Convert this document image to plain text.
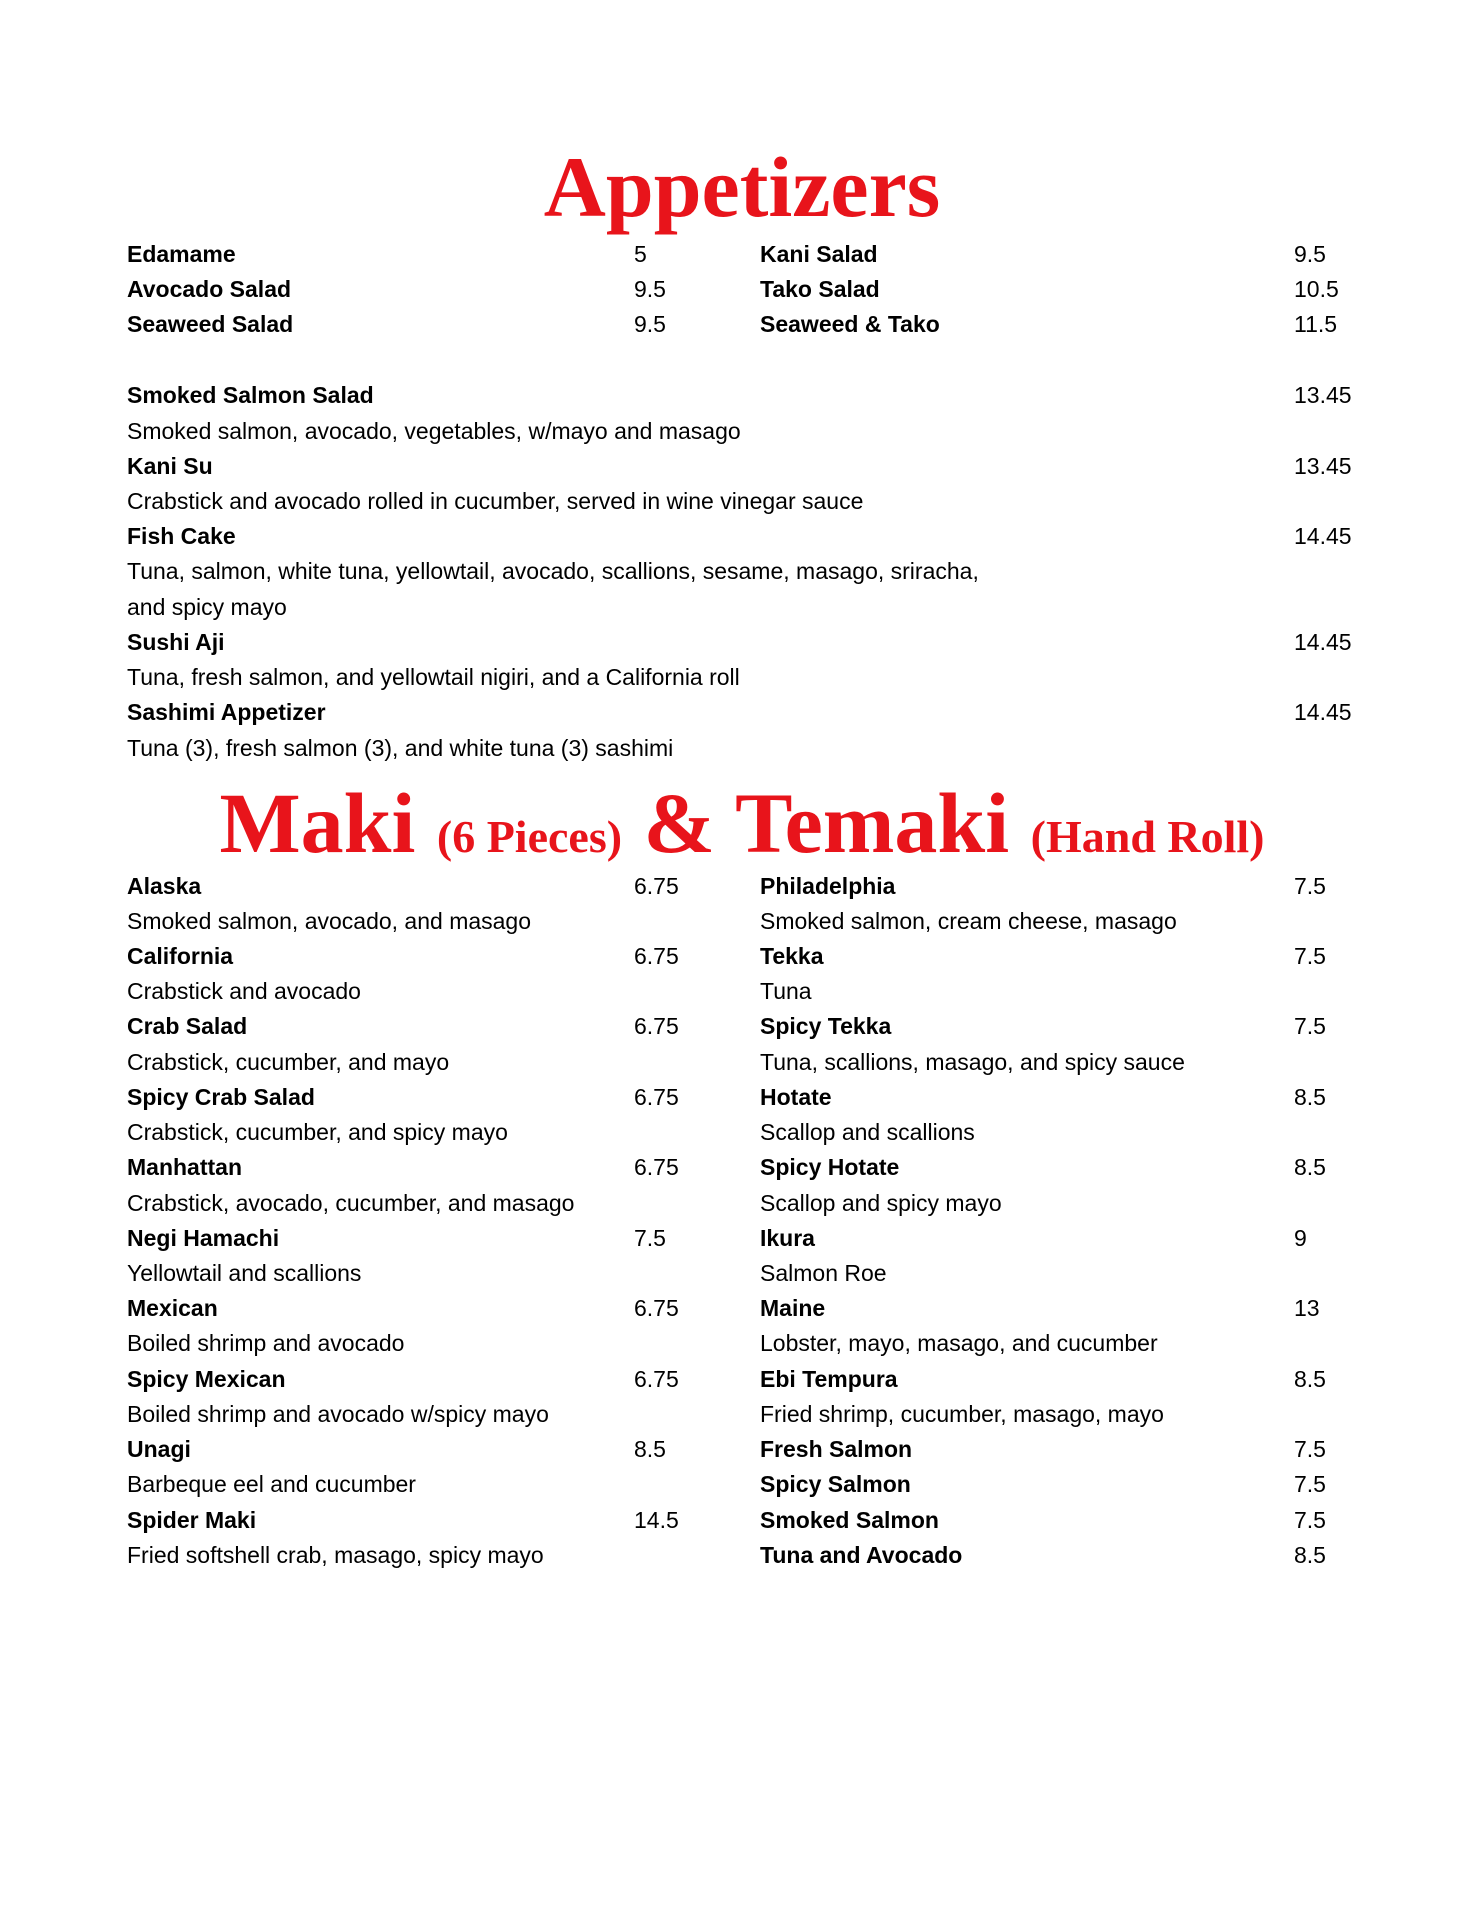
Appetizers
Edamame	5	Kani Salad	9.5
Avocado Salad	9.5	Tako Salad	10.5
Seaweed Salad	9.5	Seaweed & Tako	11.5
Smoked Salmon Salad	13.45
Smoked salmon, avocado, vegetables, w/mayo and masago
Kani Su	13.45
Crabstick and avocado rolled in cucumber, served in wine vinegar sauce
Fish Cake	14.45
Tuna, salmon, white tuna, yellowtail, avocado, scallions, sesame, masago, sriracha,
and spicy mayo
Sushi Aji	14.45
Tuna, fresh salmon, and yellowtail nigiri, and a California roll
Sashimi Appetizer	14.45
Tuna (3), fresh salmon (3), and white tuna (3) sashimi
Maki (6 Pieces) & Temaki (Hand Roll)
Alaska	6.75
Smoked salmon, avocado, and masago
California	6.75
Crabstick and avocado
Crab Salad	6.75
Crabstick, cucumber, and mayo
Spicy Crab Salad	6.75
Crabstick, cucumber, and spicy mayo
Manhattan	6.75
Crabstick, avocado, cucumber, and masago
Negi Hamachi	7.5
Yellowtail and scallions
Mexican	6.75
Boiled shrimp and avocado
Spicy Mexican	6.75
Boiled shrimp and avocado w/spicy mayo
Unagi	8.5
Barbeque eel and cucumber
Spider Maki	14.5
Fried softshell crab, masago, spicy mayo
Philadelphia	7.5
Smoked salmon, cream cheese, masago
Tekka	7.5
Tuna
Spicy Tekka	7.5
Tuna, scallions, masago, and spicy sauce
Hotate	8.5
Scallop and scallions
Spicy Hotate	8.5
Scallop and spicy mayo
Ikura	9
Salmon Roe
Maine	13
Lobster, mayo, masago, and cucumber
Ebi Tempura	8.5
Fried shrimp, cucumber, masago, mayo
Fresh Salmon	7.5
Spicy Salmon	7.5
Smoked Salmon	7.5
Tuna and Avocado	8.5
